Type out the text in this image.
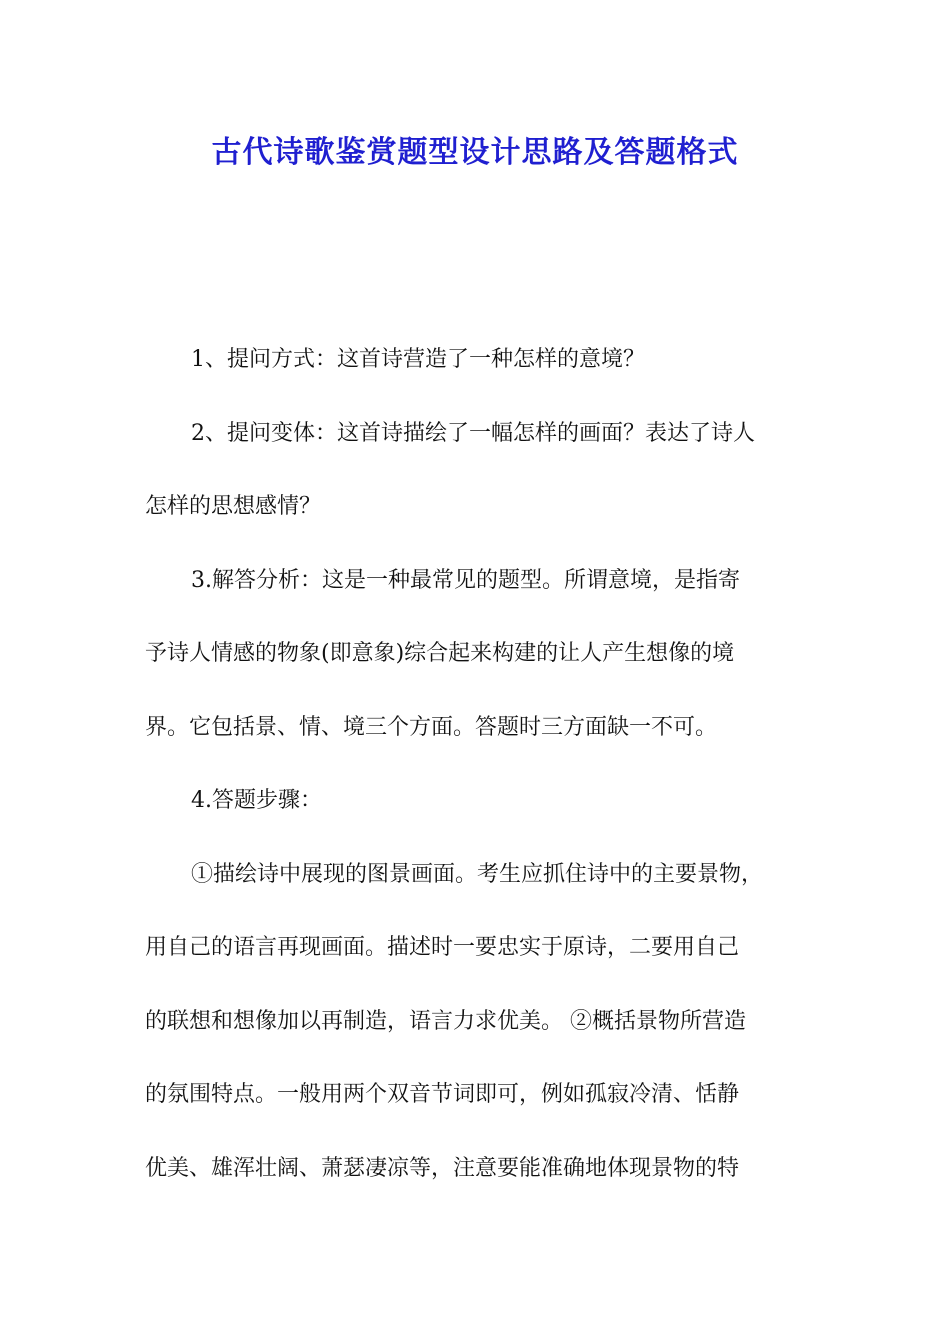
古代诗歌鉴赏题型设计思路及答题格式
1、提问方式：这首诗营造了一种怎样的意境？
2、提问变体：这首诗描绘了一幅怎样的画面？表达了诗人
怎样的思想感情？
3.解答分析：这是一种最常见的题型。所谓意境，是指寄
予诗人情感的物象(即意象)综合起来构建的让人产生想像的境
界。它包括景、情、境三个方面。答题时三方面缺一不可。
4.答题步骤：
①描绘诗中展现的图景画面。考生应抓住诗中的主要景物，
用自己的语言再现画面。描述时一要忠实于原诗，二要用自己
的联想和想像加以再制造，语言力求优美。 ②概括景物所营造
的氛围特点。一般用两个双音节词即可，例如孤寂冷清、恬静
优美、雄浑壮阔、萧瑟凄凉等，注意要能准确地体现景物的特
